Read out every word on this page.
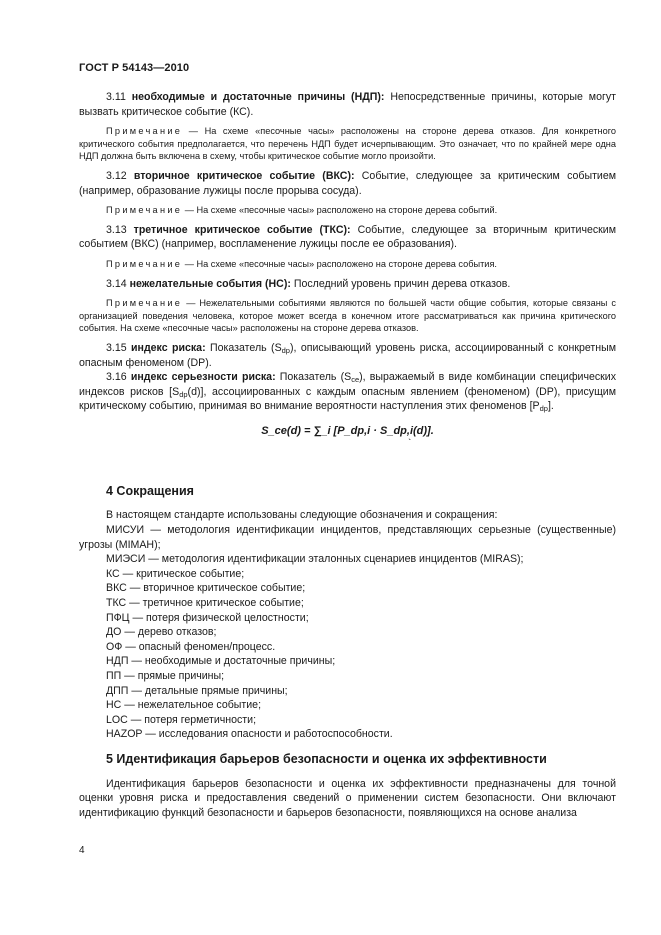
ГОСТ Р 54143—2010

3.11 необходимые и достаточные причины (НДП): Непосредственные причины, которые могут вызвать критическое событие (КС).

Примечание — На схеме «песочные часы» расположены на стороне дерева отказов. Для конкретного критического события предполагается, что перечень НДП будет исчерпывающим. Это означает, что по крайней мере одна НДП должна быть включена в схему, чтобы критическое событие могло произойти.

3.12 вторичное критическое событие (ВКС): Событие, следующее за критическим событием (например, образование лужицы после прорыва сосуда).

Примечание — На схеме «песочные часы» расположено на стороне дерева событий.

3.13 третичное критическое событие (ТКС): Событие, следующее за вторичным критическим событием (ВКС) (например, воспламенение лужицы после ее образования).

Примечание — На схеме «песочные часы» расположено на стороне дерева события.

3.14 нежелательные события (НС): Последний уровень причин дерева отказов.

Примечание — Нежелательными событиями являются по большей части общие события, которые связаны с организацией поведения человека, которое может всегда в конечном итоге рассматриваться как причина критического события. На схеме «песочные часы» расположены на стороне дерева отказов.

3.15 индекс риска: Показатель $(S_{dp})$, описывающий уровень риска, ассоциированный с конкретным опасным феноменом (DP).

3.16 индекс серьезности риска: Показатель $(S_{ce})$, выражаемый в виде комбинации специфических индексов рисков $[S_{dp}(d)]$, ассоциированных с каждым опасным явлением (феноменом) (DP), присущим критическому событию, принимая во внимание вероятности наступления этих феноменов $[P_{dp}]$.

S_ce(d) = ∑_i [P_dp,i · S_dp,i(d)].
`
4 Сокращения

В настоящем стандарте использованы следующие обозначения и сокращения:

МИСУИ — методология идентификации инцидентов, представляющих серьезные (существенные) угрозы (MIMAH);

МИЭСИ — методология идентификации эталонных сценариев инцидентов (MIRAS);

КС — критическое событие;

ВКС — вторичное критическое событие;

ТКС — третичное критическое событие;

ПФЦ — потеря физической целостности;

ДО — дерево отказов;

ОФ — опасный феномен/процесс.

НДП — необходимые и достаточные причины;

ПП — прямые причины;

ДПП — детальные прямые причины;

НС — нежелательное событие;

LOC — потеря герметичности;

HAZOP — исследования опасности и работоспособности.

5 Идентификация барьеров безопасности и оценка их эффективности

Идентификация барьеров безопасности и оценка их эффективности предназначены для точной оценки уровня риска и предоставления сведений о применении систем безопасности. Они включают идентификацию функций безопасности и барьеров безопасности, появляющихся на основе анализа

4
